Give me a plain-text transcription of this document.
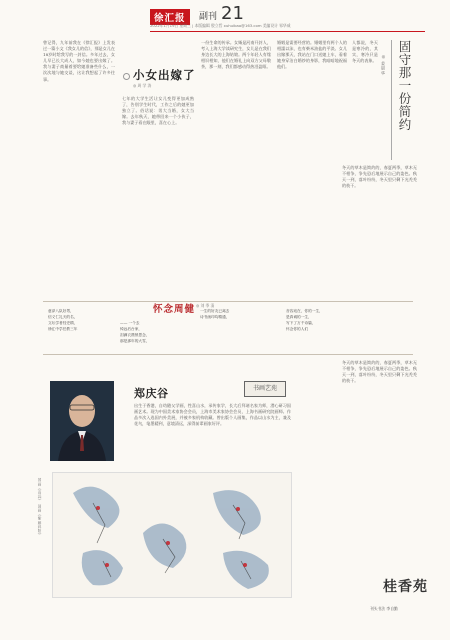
徐汇报	副刊 21
2022年1月19日 星期三 | 本版编辑 殷立哲 xuhuibao@163.com 美编设计 邹华威
曾记得，九年前我在《徐汇报》上发表过一篇小文《我女儿的信》，那是女儿在18岁时给我写的一封信。多年过去，女儿早已长大成人，如今她也要出嫁了。我与妻子商量着要给她准备些什么，一次次地与她交谈，这让我想起了许多往事。
七年的大学生活让女儿变得更加成熟了，告别学生时代，工作之后的她更加独立了。俗话说：男大当婚，女大当嫁。去年秋天，她带回来一个小伙子，我与妻子看在眼里，喜在心上。
一份生命的传承。女婿是河南开封人，考入上海大学读研究生，女儿是在我们身边长大的上海姑娘。两个年轻人有缘相识相知，他们在婚礼上向双方父母敬茶，那一刻，我们都感动得热泪盈眶。
婚姻是需要经营的。婚姻里有两个人的相濡以沫，也有柴米油盐的平淡。女儿出嫁那天，我站在门口送她上车，看着她身穿洁白婚纱的身影，我暗暗地祝福他们。
小女出嫁了
◎ 周 学 涛	固守那一份简约
◎ 姜晨华
人都说，冬天是寒冷的，其实，寒冷只是冬天的表象。
冬天的草木是简约的，春夏两季，草木无不相争，争先恐后地展示自己的姿色。秋天一到，落叶纷纷，冬天里只剩下光秃秃的枝干。
冬天的草木是简约的，春夏两季，草木无不相争，争先恐后地展示自己的姿色。秋天一到，落叶纷纷，冬天里只剩下光秃秃的枝干。
怀念周健 ◎ 刘 季 清
意泽八队好男，
信义仁礼天的名，
文坛学者经史精，
徐汇中学任教三年
—— 一个去
悼远后台家，
泪满衣襟悄思念，
那是那年的大雪，
一生的好友已离去
诗书画印均精通，
音容宛在，你的一生，
是真诚的一生，
写下了万千诗篇，
怀念你的人们
郑庆谷	书画艺苑
出生于香港，自幼随父学画，性喜山水，承传家学，长大后拜诸名家为师，潜心研习国画艺术。现为中国美术家协会会员，上海市美术家协会会员，上海书画研究院画师。作品多次入选国内外美展，并被多家机构收藏。曾出版个人画集，作品以山水为主，兼及花鸟，笔墨精到，意境清远，深得前辈画家好评。
国画《高远》 国画《紫藤斜阳》
桂香苑
刊头书法 李自勤
